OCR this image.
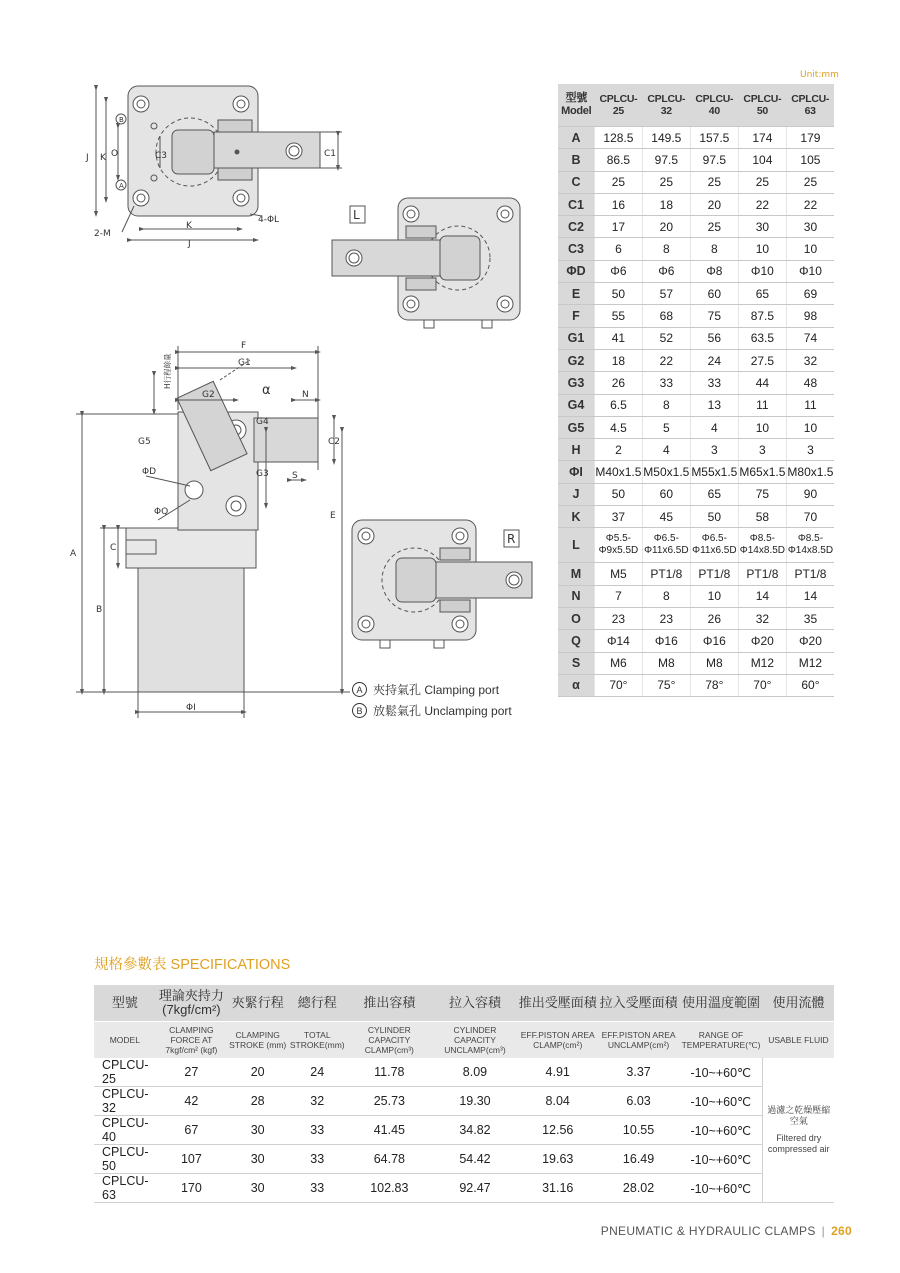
J K O	C3	C1
2-M
4-ΦL
K
J
F
G1
G2	N
G4
α
G5	C2
ΦD	G3	S
ΦQ	E
C
A
B
ΦI
H行程餘量
L
R
B
A
Unit:mm
型號
Model	CPLCU-25	CPLCU-32	CPLCU-40	CPLCU-50	CPLCU-63
A	128.5	149.5	157.5	174	179
B	86.5	97.5	97.5	104	105
C	25	25	25	25	25
C1	16	18	20	22	22
C2	17	20	25	30	30
C3	6	8	8	10	10
ΦD	Φ6	Φ6	Φ8	Φ10	Φ10
E	50	57	60	65	69
F	55	68	75	87.5	98
G1	41	52	56	63.5	74
G2	18	22	24	27.5	32
G3	26	33	33	44	48
G4	6.5	8	13	11	11
G5	4.5	5	4	10	10
H	2	4	3	3	3
ΦI	M40x1.5	M50x1.5	M55x1.5	M65x1.5	M80x1.5
J	50	60	65	75	90
K	37	45	50	58	70
L	Φ5.5-Φ9x5.5D	Φ6.5-Φ11x6.5D	Φ6.5-Φ11x6.5D	Φ8.5-Φ14x8.5D	Φ8.5-Φ14x8.5D
M	M5	PT1/8	PT1/8	PT1/8	PT1/8
N	7	8	10	14	14
O	23	23	26	32	35
Q	Φ14	Φ16	Φ16	Φ20	Φ20
S	M6	M8	M8	M12	M12
α	70°	75°	78°	70°	60°
A 夾持氣孔
Clamping port
B 放鬆氣孔
Unclamping port
規格參數表 SPECIFICATIONS
型號	理論夾持力 (7kgf/cm²)	夾緊行程	總行程	推出容積	拉入容積	推出受壓面積	拉入受壓面積	使用溫度範圍	使用流體
MODEL	CLAMPING FORCE AT 7kgf/cm² (kgf)	CLAMPING STROKE (mm)	TOTAL STROKE(mm)	CYLINDER CAPACITY CLAMP(cm³)	CYLINDER CAPACITY UNCLAMP(cm³)	EFF.PISTON AREA CLAMP(cm²)	EFF.PISTON AREA UNCLAMP(cm²)	RANGE OF TEMPERATURE(℃)	USABLE FLUID
CPLCU-25	27	20	24	11.78	8.09	4.91	3.37	-10~+60℃	過濾之乾燥壓縮空氣
Filtered dry compressed air

CPLCU-32	42	28	32	25.73	19.30	8.04	6.03	-10~+60℃	
CPLCU-40	67	30	33	41.45	34.82	12.56	10.55	-10~+60℃	
CPLCU-50	107	30	33	64.78	54.42	19.63	16.49	-10~+60℃	
CPLCU-63	170	30	33	102.83	92.47	31.16	28.02	-10~+60℃	
PNEUMATIC & HYDRAULIC CLAMPS | 260
